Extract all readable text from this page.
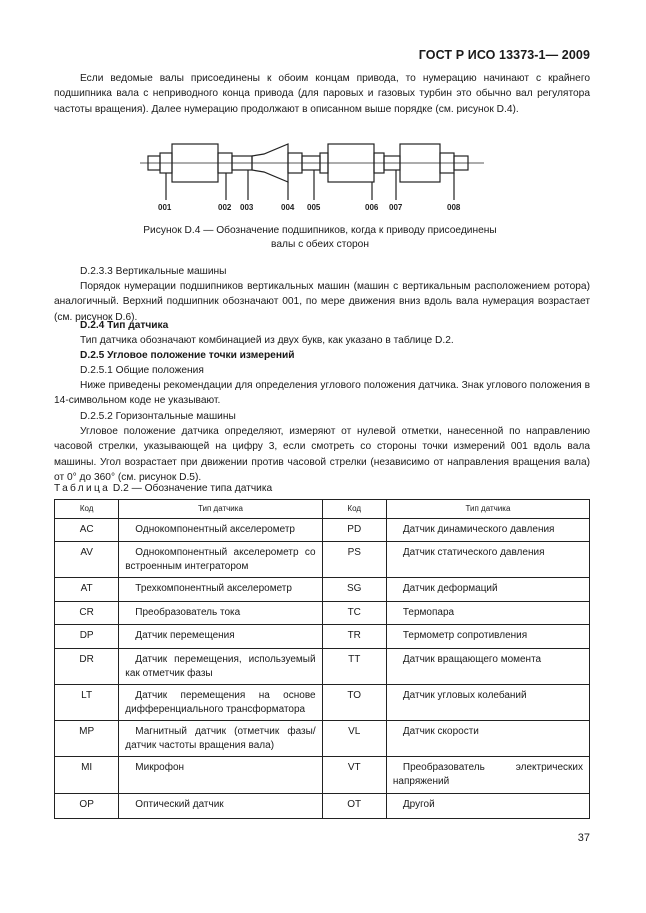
ГОСТ Р ИСО 13373-1— 2009
Если ведомые валы присоединены к обоим концам привода, то нумерацию начинают с крайнего подшипника вала с неприводного конца привода (для паровых и газовых турбин это обычно вал регулятора частоты вращения). Далее нумерацию продолжают в описанном выше порядке (см. рисунок D.4).
001	002 003	004 005	006 007	008
Рисунок D.4 — Обозначение подшипников, когда к приводу присоединены
валы с обеих сторон
D.2.3.3 Вертикальные машины
Порядок нумерации подшипников вертикальных машин (машин с вертикальным расположением ротора) аналогичный. Верхний подшипник обозначают 001, по мере движения вниз вдоль вала нумерация возрастает (см. рисунок D.6).
D.2.4 Тип датчика
Тип датчика обозначают комбинацией из двух букв, как указано в таблице D.2.
D.2.5 Угловое положение точки измерений
D.2.5.1 Общие положения
Ниже приведены рекомендации для определения углового положения датчика. Знак углового положения в 14-символьном коде не указывают.
D.2.5.2 Горизонтальные машины
Угловое положение датчика определяют, измеряют от нулевой отметки, нанесенной по направлению часовой стрелки, указывающей на цифру 3, если смотреть со стороны точки измерений 001 вдоль вала машины. Угол возрастает при движении против часовой стрелки (независимо от направления вращения вала) от 0° до 360° (см. рисунок D.5).
Таблица D.2 — Обозначение типа датчика
Код	Тип датчика	Код	Тип датчика
AC	Однокомпонентный акселерометр	PD	Датчик динамического давления
AV	Однокомпонентный акселерометр со встроенным интегратором	PS	Датчик статического давления
AT	Трехкомпонентный акселерометр	SG	Датчик деформаций
CR	Преобразователь тока	TC	Термопара
DP	Датчик перемещения	TR	Термометр сопротивления
DR	Датчик перемещения, используемый как отметчик фазы	TT	Датчик вращающего момента
LT	Датчик перемещения на основе дифференциального трансформатора	TO	Датчик угловых колебаний
MP	Магнитный датчик (отметчик фазы/датчик частоты вращения вала)	VL	Датчик скорости
MI	Микрофон	VT	Преобразователь электрических напряжений
OP	Оптический датчик	OT	Другой
37
